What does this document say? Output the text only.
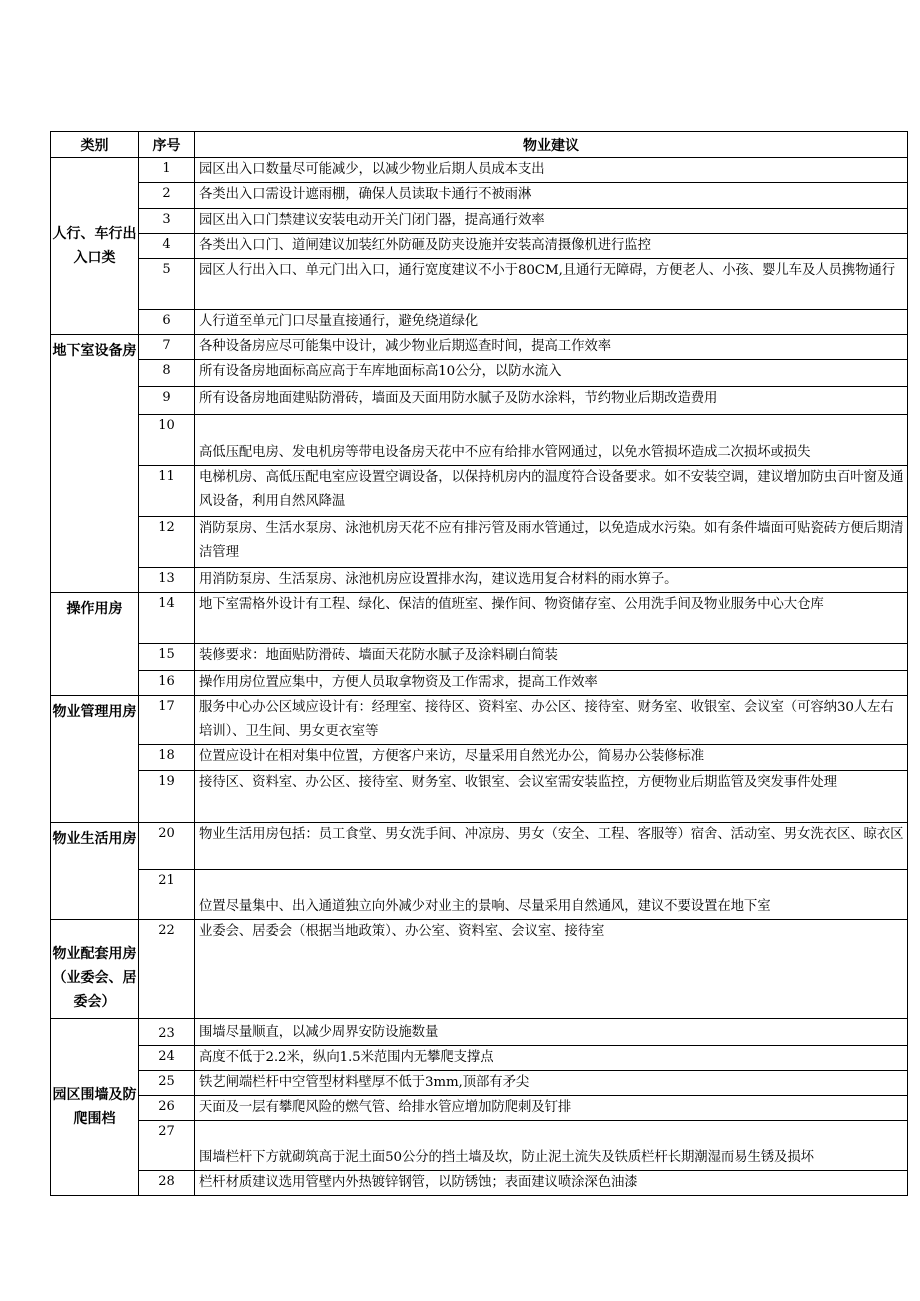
类别	序号	物业建议
人行、车行出入口类	1	园区出入口数量尽可能减少，以减少物业后期人员成本支出
	2	各类出入口需设计遮雨棚，确保人员读取卡通行不被雨淋
	3	园区出入口门禁建议安装电动开关门闭门器，提高通行效率
	4	各类出入口门、道闸建议加装红外防砸及防夹设施并安装高清摄像机进行监控
	5	园区人行出入口、单元门出入口，通行宽度建议不小于80CM,且通行无障碍，方便老人、小孩、婴儿车及人员携物通行
	6	人行道至单元门口尽量直接通行，避免绕道绿化
地下室设备房	7	各种设备房应尽可能集中设计，减少物业后期巡查时间，提高工作效率
	8	所有设备房地面标高应高于车库地面标高10公分，以防水流入
	9	所有设备房地面建贴防滑砖，墙面及天面用防水腻子及防水涂料，节约物业后期改造费用
	10	高低压配电房、发电机房等带电设备房天花中不应有给排水管网通过，以免水管损坏造成二次损坏或损失
	11	电梯机房、高低压配电室应设置空调设备，以保持机房内的温度符合设备要求。如不安装空调，建议增加防虫百叶窗及通风设备，利用自然风降温
	12	消防泵房、生活水泵房、泳池机房天花不应有排污管及雨水管通过，以免造成水污染。如有条件墙面可贴瓷砖方便后期清洁管理
	13	用消防泵房、生活泵房、泳池机房应设置排水沟，建议选用复合材料的雨水箅子。
操作用房	14	地下室需格外设计有工程、绿化、保洁的值班室、操作间、物资储存室、公用洗手间及物业服务中心大仓库
	15	装修要求：地面贴防滑砖、墙面天花防水腻子及涂料刷白简装
	16	操作用房位置应集中，方便人员取拿物资及工作需求，提高工作效率
物业管理用房	17	服务中心办公区域应设计有：经理室、接待区、资料室、办公区、接待室、财务室、收银室、会议室（可容纳30人左右培训）、卫生间、男女更衣室等
	18	位置应设计在相对集中位置，方便客户来访，尽量采用自然光办公，简易办公装修标准
	19	接待区、资料室、办公区、接待室、财务室、收银室、会议室需安装监控，方便物业后期监管及突发事件处理
物业生活用房	20	物业生活用房包括：员工食堂、男女洗手间、冲凉房、男女（安全、工程、客服等）宿舍、活动室、男女洗衣区、晾衣区
	21	位置尽量集中、出入通道独立向外减少对业主的景响、尽量采用自然通风，建议不要设置在地下室
物业配套用房（业委会、居委会）	22	业委会、居委会（根据当地政策）、办公室、资料室、会议室、接待室
园区围墙及防爬围档	23	围墙尽量顺直，以减少周界安防设施数量
	24	高度不低于2.2米，纵向1.5米范围内无攀爬支撑点
	25	铁艺闸端栏杆中空管型材料壁厚不低于3mm,顶部有矛尖
	26	天面及一层有攀爬风险的燃气管、给排水管应增加防爬刺及钉排
	27	围墙栏杆下方就砌筑高于泥土面50公分的挡土墙及坎，防止泥土流失及铁质栏杆长期潮湿而易生锈及损坏
	28	栏杆材质建议选用管壁内外热镀锌钢管，以防锈蚀；表面建议喷涂深色油漆
